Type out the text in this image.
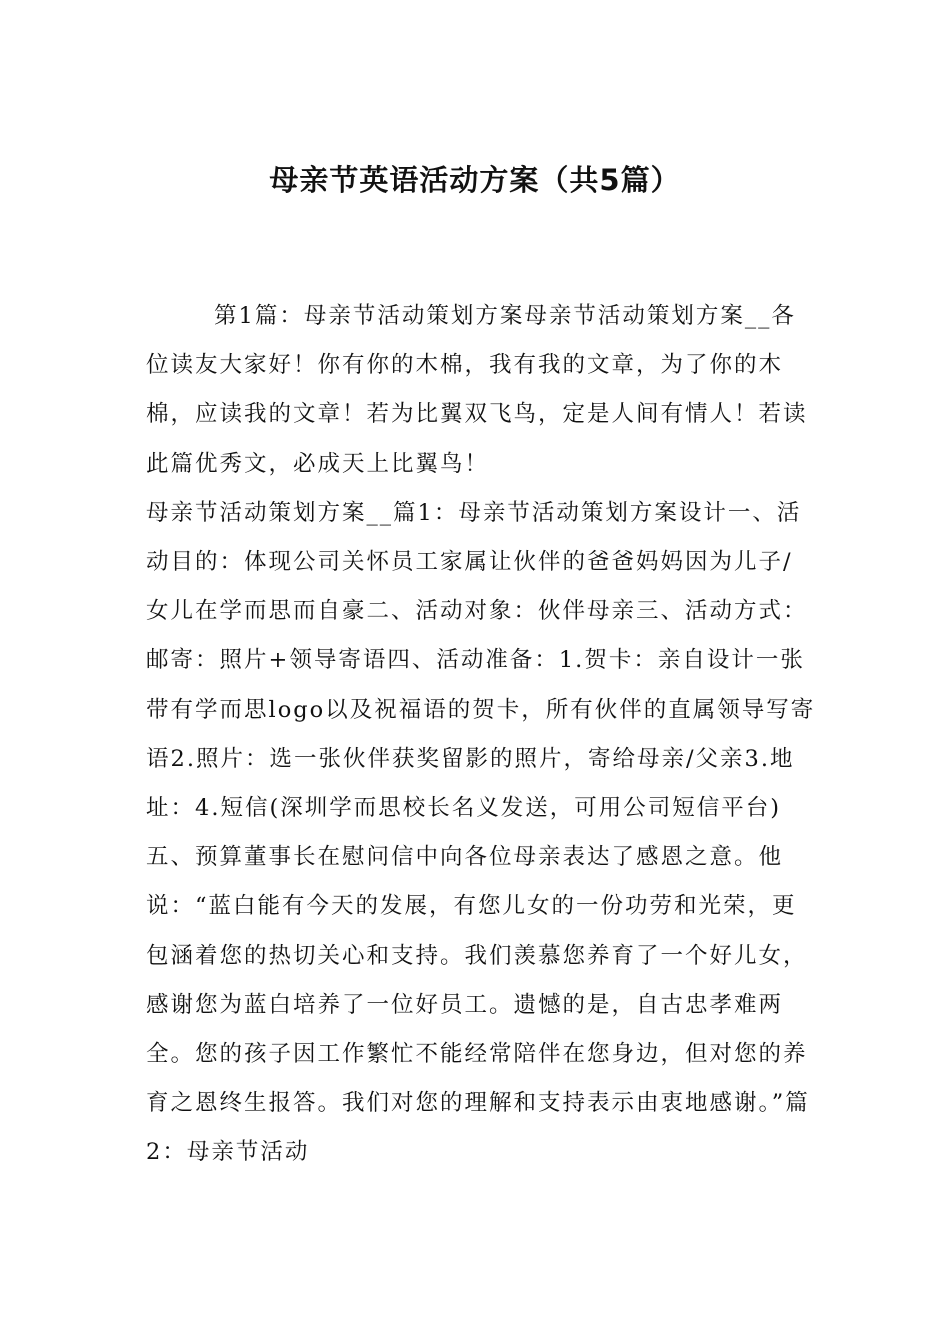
母亲节英语活动方案（共5篇）

第1篇：母亲节活动策划方案母亲节活动策划方案__各位读友大家好！你有你的木棉，我有我的文章，为了你的木棉，应读我的文章！若为比翼双飞鸟，定是人间有情人！若读此篇优秀文，必成天上比翼鸟！

母亲节活动策划方案__篇1：母亲节活动策划方案设计一、活动目的：体现公司关怀员工家属让伙伴的爸爸妈妈因为儿子/女儿在学而思而自豪二、活动对象：伙伴母亲三、活动方式：邮寄：照片+领导寄语四、活动准备：1.贺卡：亲自设计一张带有学而思logo以及祝福语的贺卡，所有伙伴的直属领导写寄语2.照片：选一张伙伴获奖留影的照片，寄给母亲/父亲3.地址：4.短信(深圳学而思校长名义发送，可用公司短信平台)五、预算董事长在慰问信中向各位母亲表达了感恩之意。他说：“蓝白能有今天的发展，有您儿女的一份功劳和光荣，更包涵着您的热切关心和支持。我们羡慕您养育了一个好儿女，感谢您为蓝白培养了一位好员工。遗憾的是，自古忠孝难两全。您的孩子因工作繁忙不能经常陪伴在您身边，但对您的养育之恩终生报答。我们对您的理解和支持表示由衷地感谢。”篇2：母亲节活动
